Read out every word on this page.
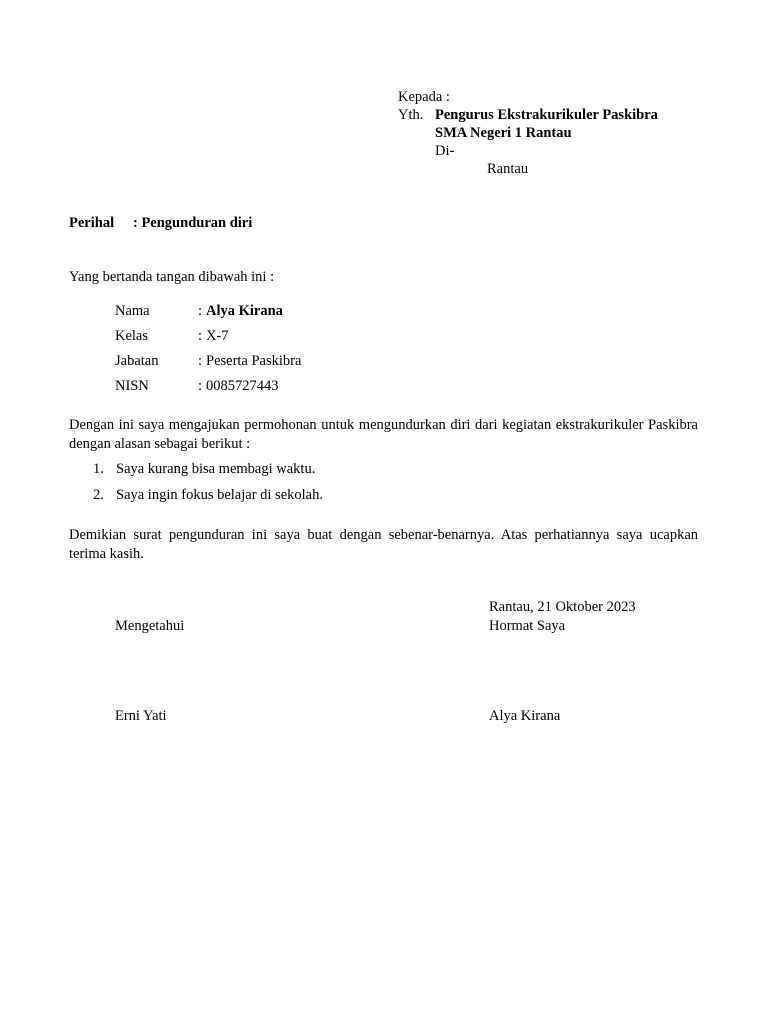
Kepada :
Yth. Pengurus Ekstrakurikuler Paskibra
SMA Negeri 1 Rantau
Di-
Rantau
Perihal : Pengunduran diri
Yang bertanda tangan dibawah ini :
Nama	: Alya Kirana
Kelas	: X-7
Jabatan	: Peserta Paskibra
NISN	: 0085727443
Dengan ini saya mengajukan permohonan untuk mengundurkan diri dari kegiatan ekstrakurikuler Paskibra dengan alasan sebagai berikut :
1. Saya kurang bisa membagi waktu.
2. Saya ingin fokus belajar di sekolah.
Demikian surat pengunduran ini saya buat dengan sebenar-benarnya. Atas perhatiannya saya ucapkan terima kasih.
Rantau, 21 Oktober 2023
Mengetahui	Hormat Saya
Erni Yati	Alya Kirana
